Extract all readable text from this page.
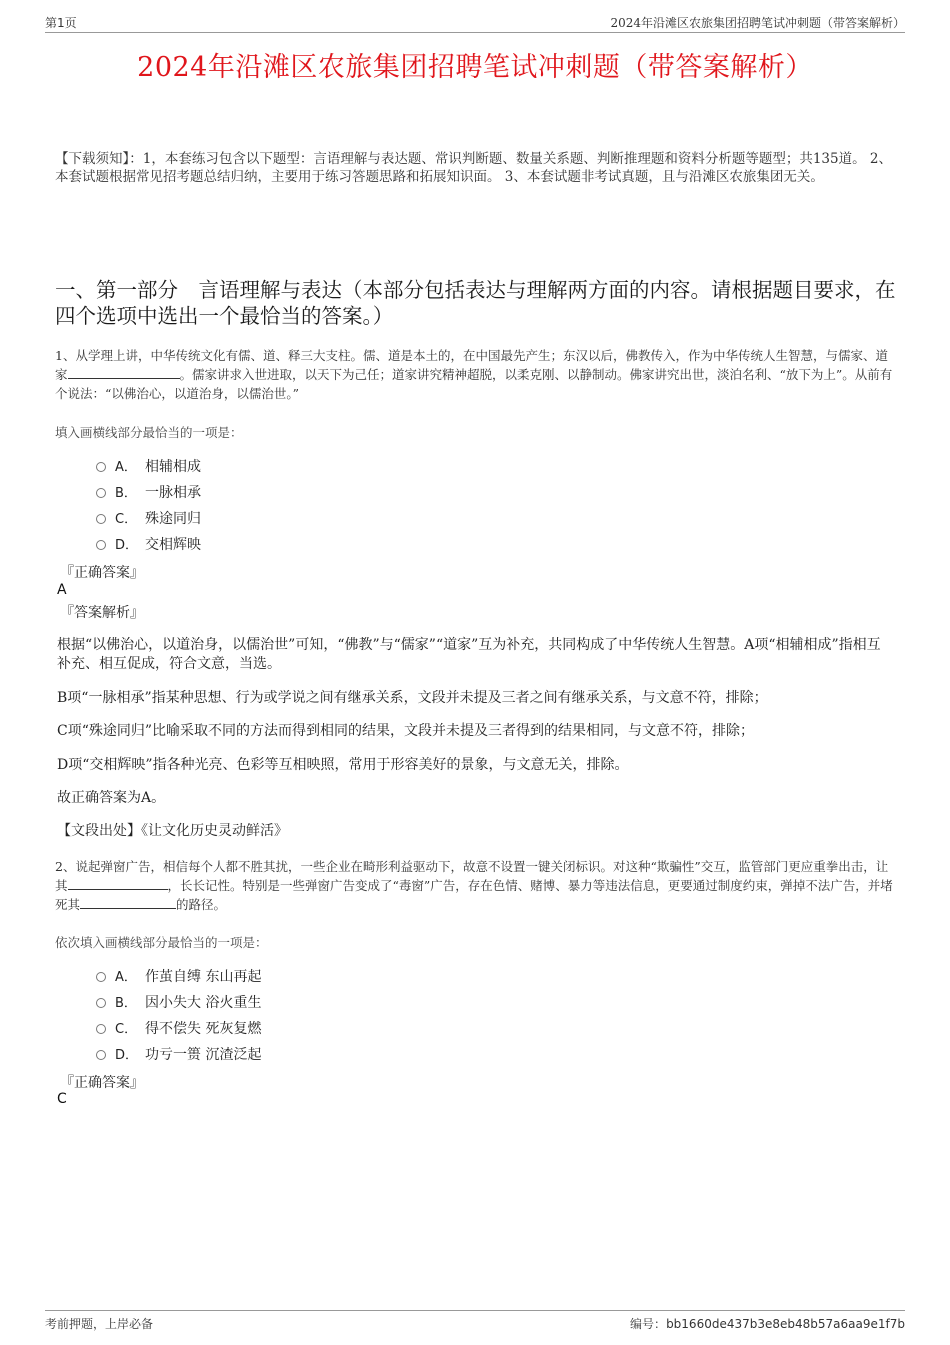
第1页	2024年沿滩区农旅集团招聘笔试冲刺题（带答案解析）
2024年沿滩区农旅集团招聘笔试冲刺题（带答案解析）
【下载须知】：1，本套练习包含以下题型：言语理解与表达题、常识判断题、数量关系题、判断推理题和资料分析题等题型；共135道。 2、本套试题根据常见招考题总结归纳，主要用于练习答题思路和拓展知识面。 3、本套试题非考试真题，且与沿滩区农旅集团无关。
一、第一部分　言语理解与表达（本部分包括表达与理解两方面的内容。请根据题目要求，在四个选项中选出一个最恰当的答案。）
1、从学理上讲，中华传统文化有儒、道、释三大支柱。儒、道是本土的，在中国最先产生；东汉以后，佛教传入，作为中华传统人生智慧，与儒家、道家	。儒家讲求入世进取，以天下为己任；道家讲究精神超脱，以柔克刚、以静制动。佛家讲究出世，淡泊名利、“放下为上”。从前有个说法：“以佛治心，以道治身，以儒治世。”
填入画横线部分最恰当的一项是：
A． 相辅相成
B． 一脉相承
C． 殊途同归
D． 交相辉映
『正确答案』
A
『答案解析』
根据“以佛治心，以道治身，以儒治世”可知，“佛教”与“儒家”“道家”互为补充，共同构成了中华传统人生智慧。A项“相辅相成”指相互补充、相互促成，符合文意，当选。
B项“一脉相承”指某种思想、行为或学说之间有继承关系，文段并未提及三者之间有继承关系，与文意不符，排除；
C项“殊途同归”比喻采取不同的方法而得到相同的结果，文段并未提及三者得到的结果相同，与文意不符，排除；
D项“交相辉映”指各种光亮、色彩等互相映照，常用于形容美好的景象，与文意无关，排除。
故正确答案为A。
【文段出处】《让文化历史灵动鲜活》
2、说起弹窗广告，相信每个人都不胜其扰，一些企业在畸形利益驱动下，故意不设置一键关闭标识。对这种“欺骗性”交互，监管部门更应重拳出击，让其	，长长记性。特别是一些弹窗广告变成了“毒窗”广告，存在色情、赌博、暴力等违法信息，更要通过制度约束，弹掉不法广告，并堵死其	的路径。
依次填入画横线部分最恰当的一项是：
A． 作茧自缚 东山再起
B． 因小失大 浴火重生
C． 得不偿失 死灰复燃
D． 功亏一篑 沉渣泛起
『正确答案』
C
考前押题，上岸必备	编号：bb1660de437b3e8eb48b57a6aa9e1f7b
